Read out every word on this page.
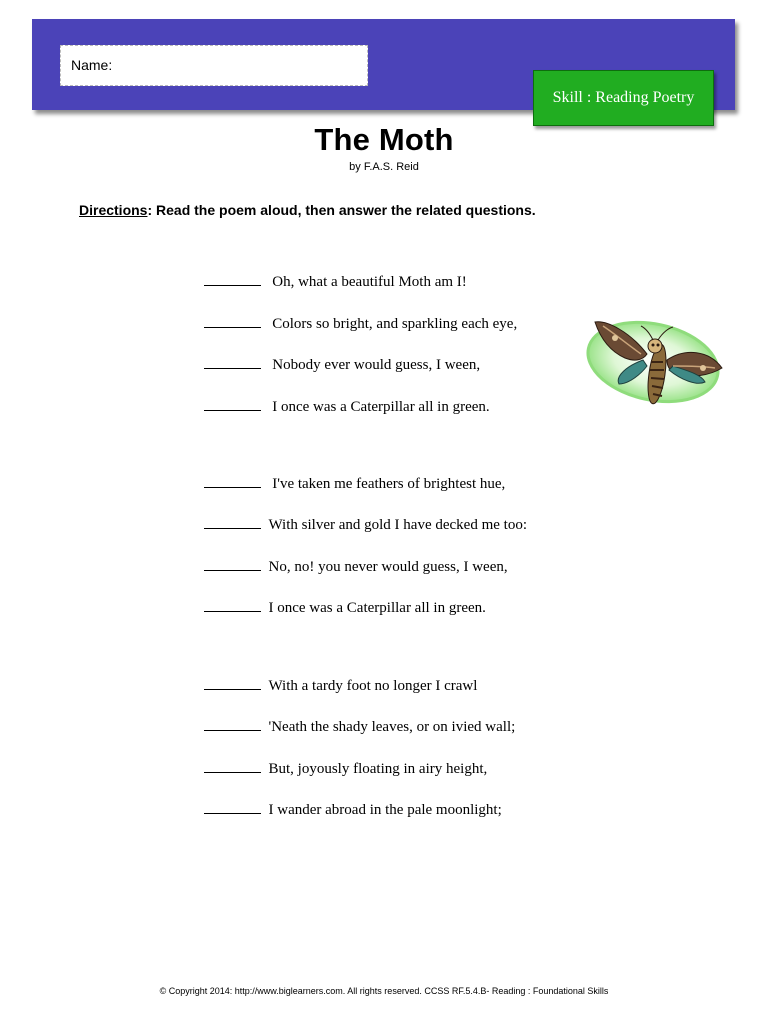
Name:
Skill : Reading Poetry
The Moth
by F.A.S. Reid
Directions: Read the poem aloud, then answer the related questions.
Oh, what a beautiful Moth am I!
Colors so bright, and sparkling each eye,
Nobody ever would guess, I ween,
I once was a Caterpillar all in green.
I've taken me feathers of brightest hue,
With silver and gold I have decked me too:
No, no! you never would guess, I ween,
I once was a Caterpillar all in green.
With a tardy foot no longer I crawl
'Neath the shady leaves, or on ivied wall;
But, joyously floating in airy height,
I wander abroad in the pale moonlight;
© Copyright 2014: http://www.biglearners.com. All rights reserved. CCSS RF.5.4.B- Reading : Foundational Skills
